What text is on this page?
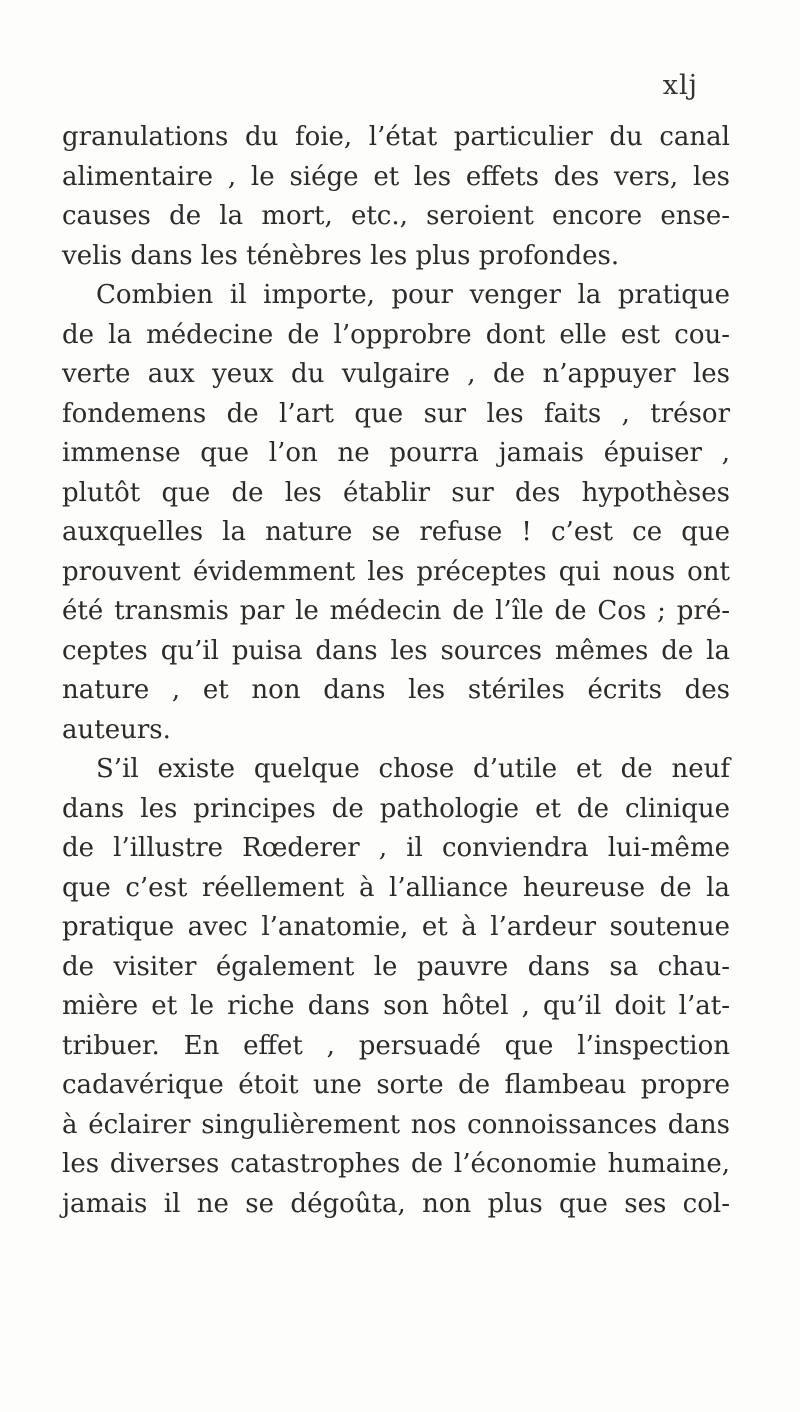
xlj
granulations du foie, l’état particulier du canal
alimentaire , le siége et les effets des vers, les
causes de la mort, etc., seroient encore ense-
velis dans les ténèbres les plus profondes.
Combien il importe, pour venger la pratique
de la médecine de l’opprobre dont elle est cou-
verte aux yeux du vulgaire , de n’appuyer les
fondemens de l’art que sur les faits , trésor
immense que l’on ne pourra jamais épuiser ,
plutôt que de les établir sur des hypothèses
auxquelles la nature se refuse ! c’est ce que
prouvent évidemment les préceptes qui nous ont
été transmis par le médecin de l’île de Cos ; pré-
ceptes qu’il puisa dans les sources mêmes de la
nature , et non dans les stériles écrits des
auteurs.
S’il existe quelque chose d’utile et de neuf
dans les principes de pathologie et de clinique
de l’illustre Rœderer , il conviendra lui-même
que c’est réellement à l’alliance heureuse de la
pratique avec l’anatomie, et à l’ardeur soutenue
de visiter également le pauvre dans sa chau-
mière et le riche dans son hôtel , qu’il doit l’at-
tribuer. En effet , persuadé que l’inspection
cadavérique étoit une sorte de flambeau propre
à éclairer singulièrement nos connoissances dans
les diverses catastrophes de l’économie humaine,
jamais il ne se dégoûta, non plus que ses col-
